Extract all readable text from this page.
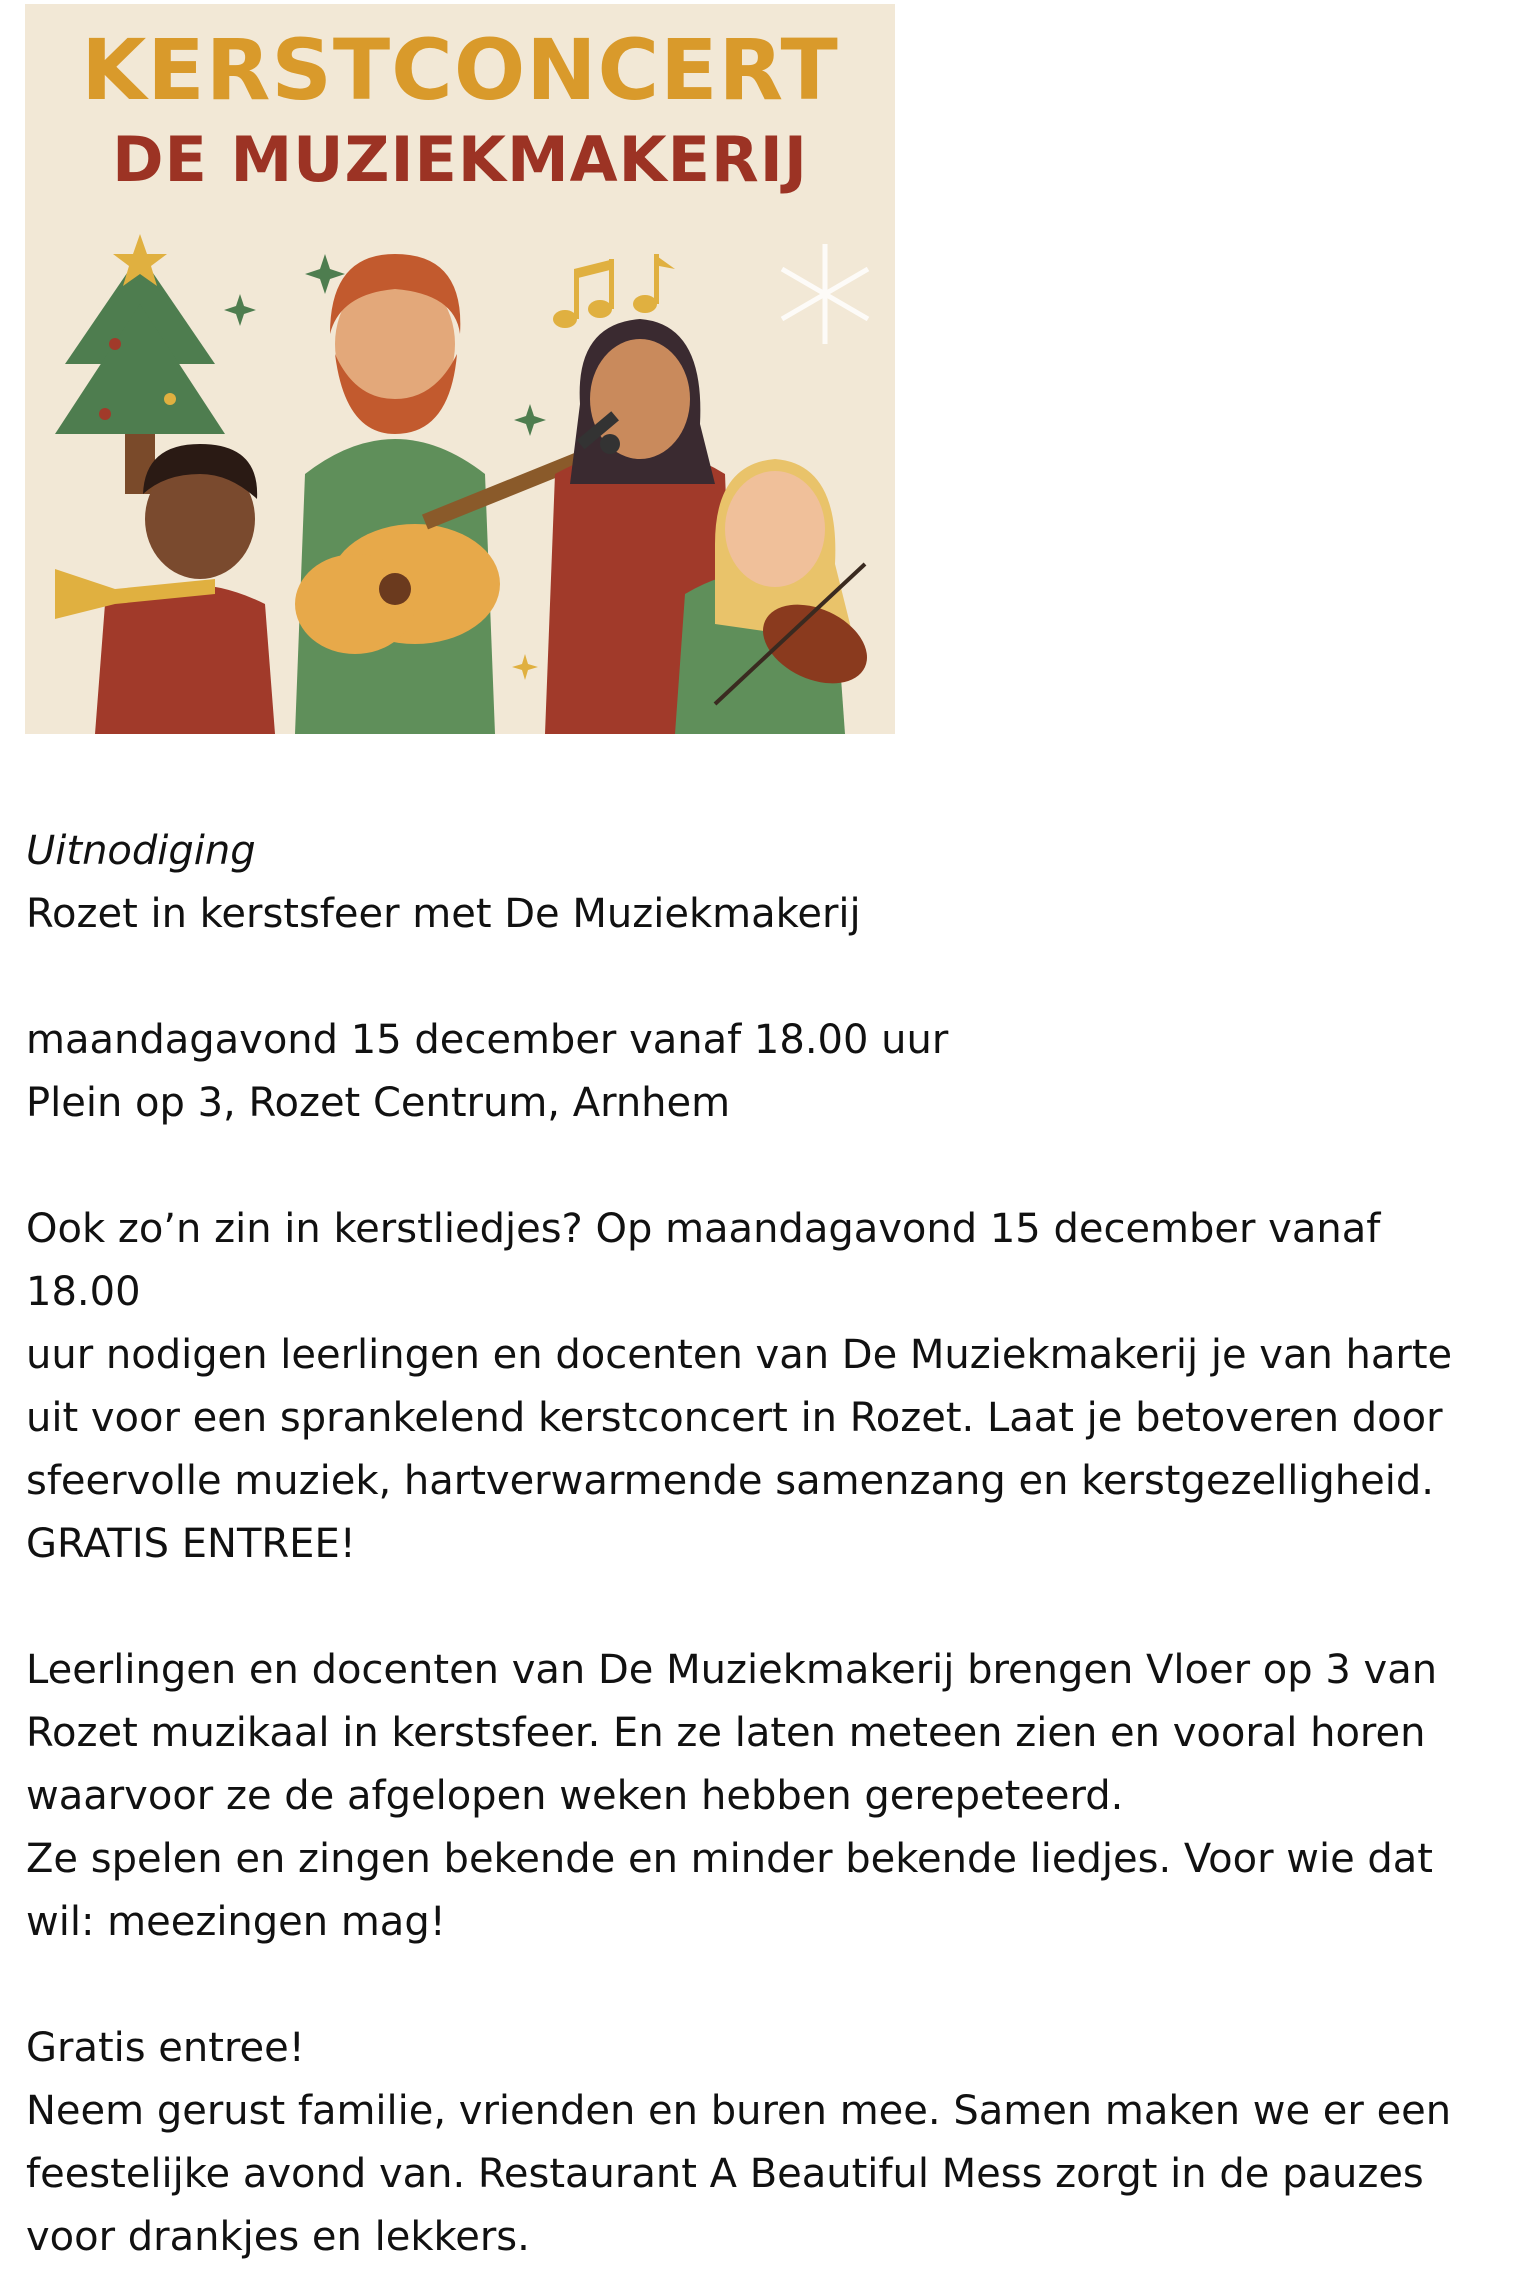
KERSTCONCERT
DE MUZIEKMAKERIJ

Uitnodiging

Rozet in kerstsfeer met De Muziekmakerij

maandagavond 15 december vanaf 18.00 uur

Plein op 3, Rozet Centrum, Arnhem

Ook zo’n zin in kerstliedjes? Op maandagavond 15 december vanaf 18.00

uur nodigen leerlingen en docenten van De Muziekmakerij je van harte

uit voor een sprankelend kerstconcert in Rozet. Laat je betoveren door

sfeervolle muziek, hartverwarmende samenzang en kerstgezelligheid.

GRATIS ENTREE!

Leerlingen en docenten van De Muziekmakerij brengen Vloer op 3 van

Rozet muzikaal in kerstsfeer. En ze laten meteen zien en vooral horen

waarvoor ze de afgelopen weken hebben gerepeteerd.

Ze spelen en zingen bekende en minder bekende liedjes. Voor wie dat

wil: meezingen mag!

Gratis entree!

Neem gerust familie, vrienden en buren mee. Samen maken we er een

feestelijke avond van. Restaurant A Beautiful Mess zorgt in de pauzes

voor drankjes en lekkers.
